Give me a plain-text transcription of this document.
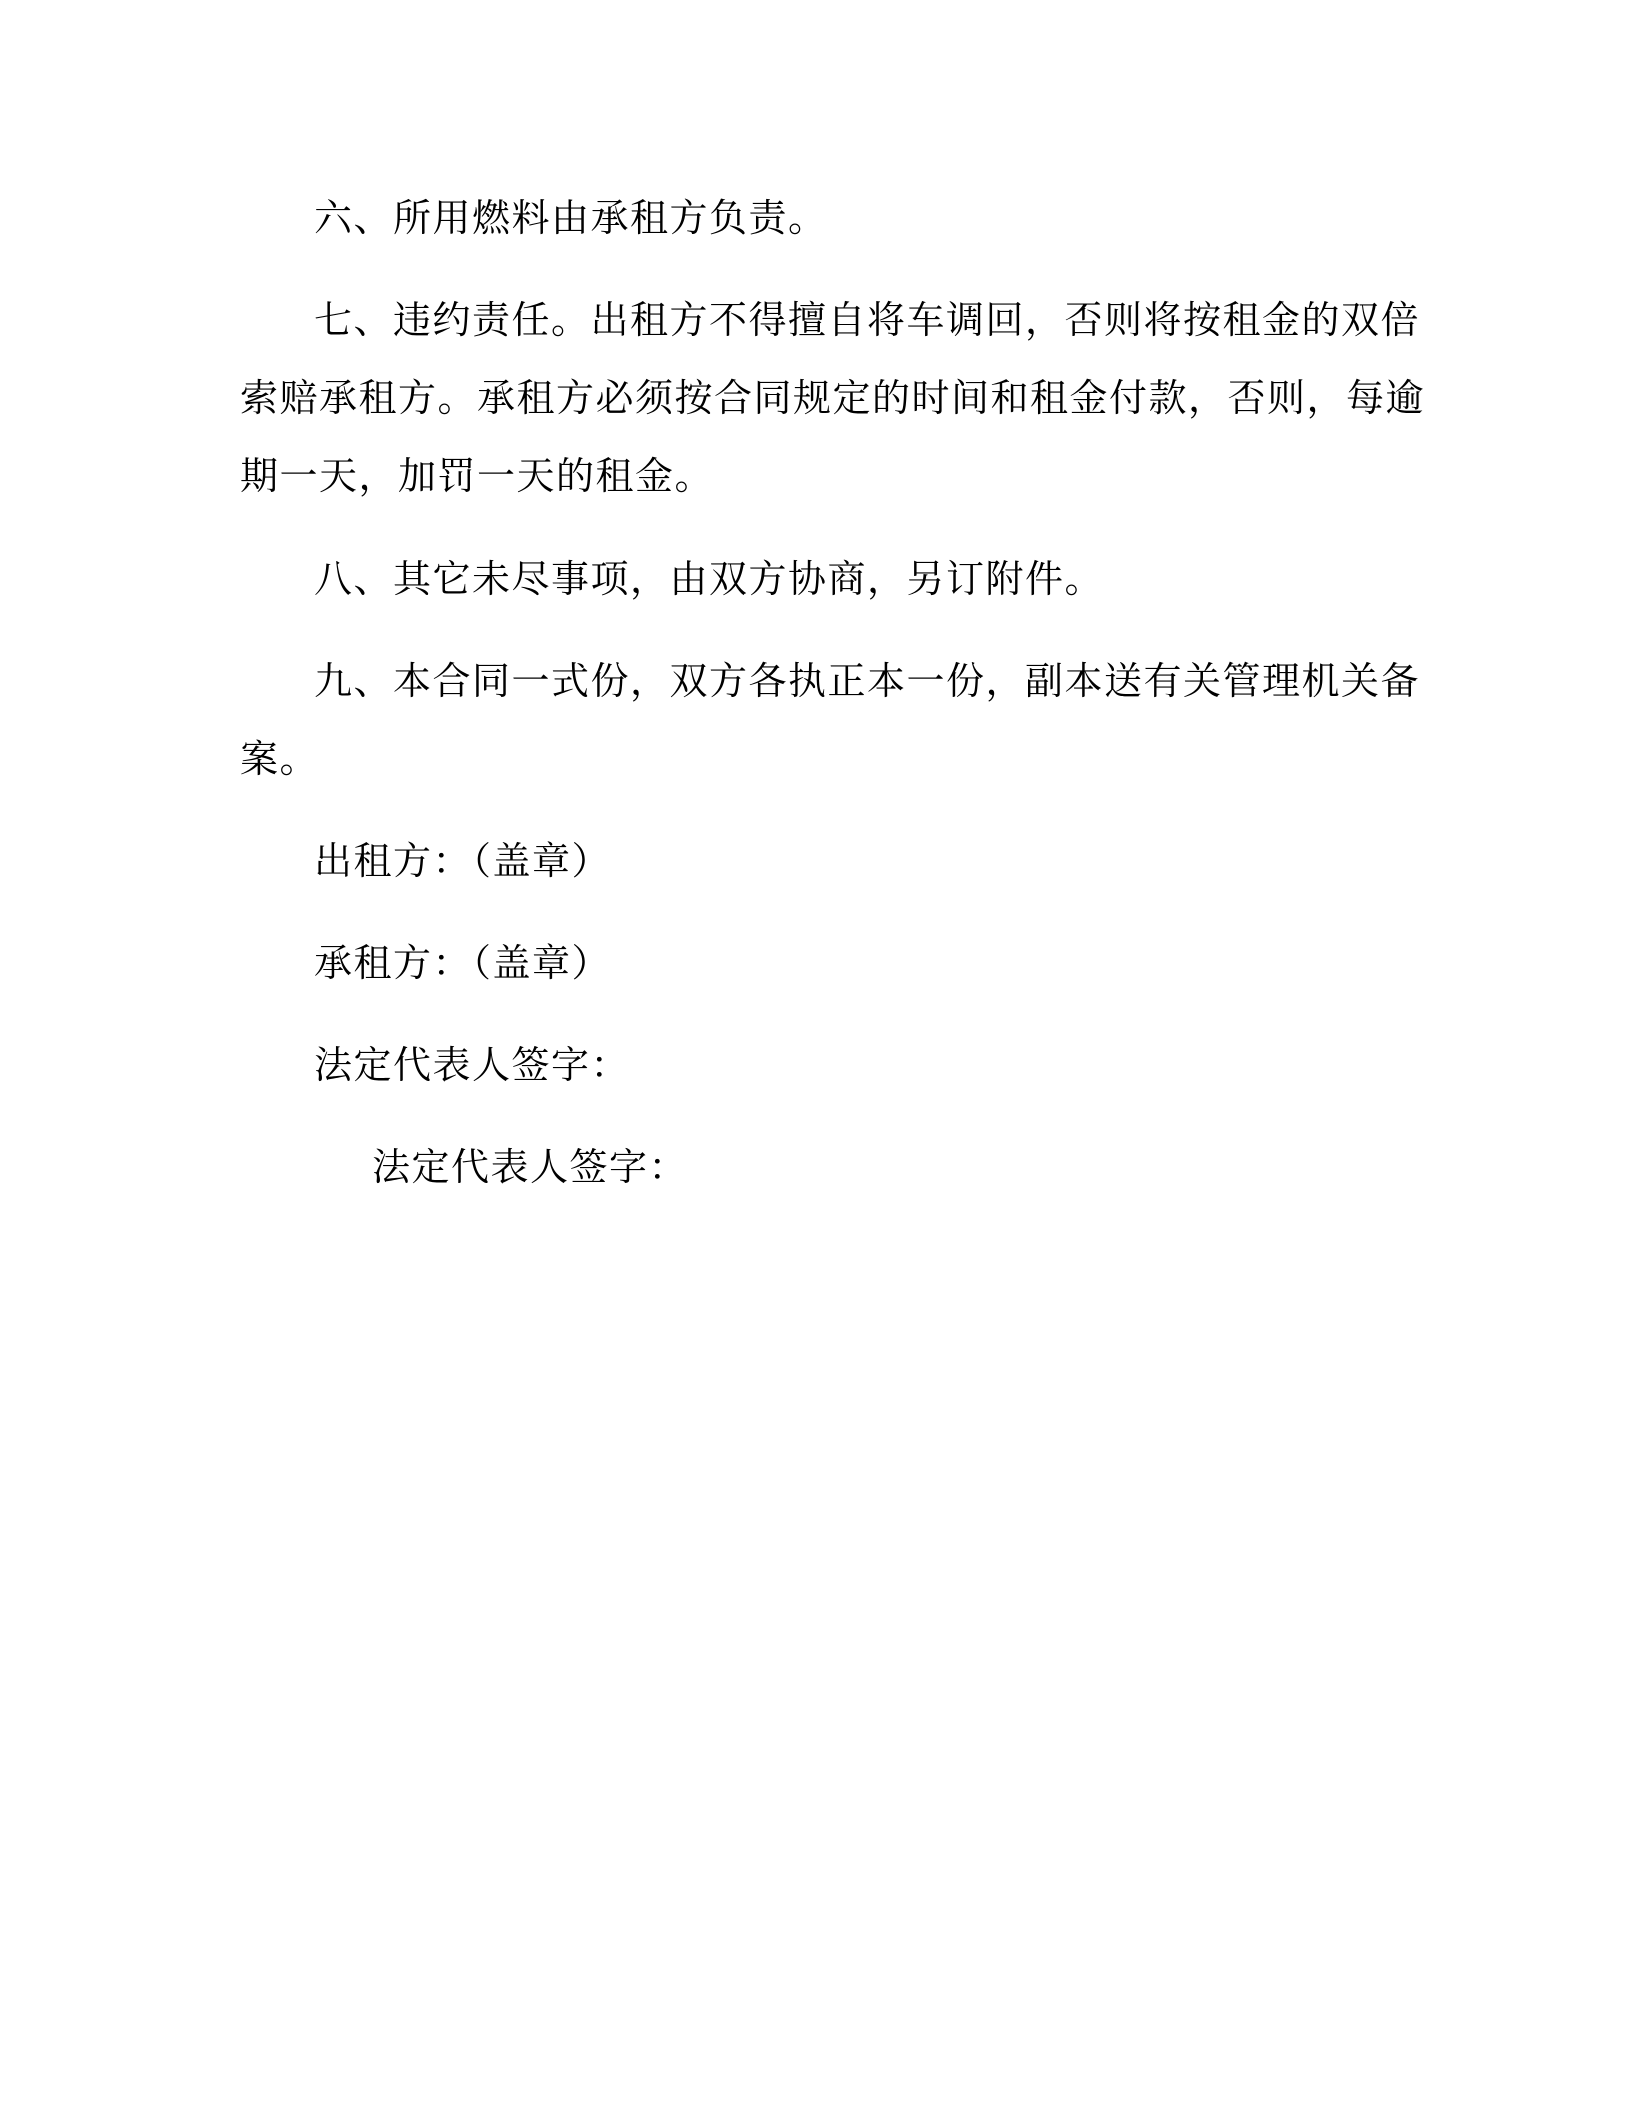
六、所用燃料由承租方负责。
七、违约责任。出租方不得擅自将车调回，否则将按租金的双倍
索赔承租方。承租方必须按合同规定的时间和租金付款，否则，每逾
期一天，加罚一天的租金。
八、其它未尽事项，由双方协商，另订附件。
九、本合同一式份，双方各执正本一份，副本送有关管理机关备
案。
出租方：（盖章）
承租方：（盖章）
法定代表人签字：
法定代表人签字：
